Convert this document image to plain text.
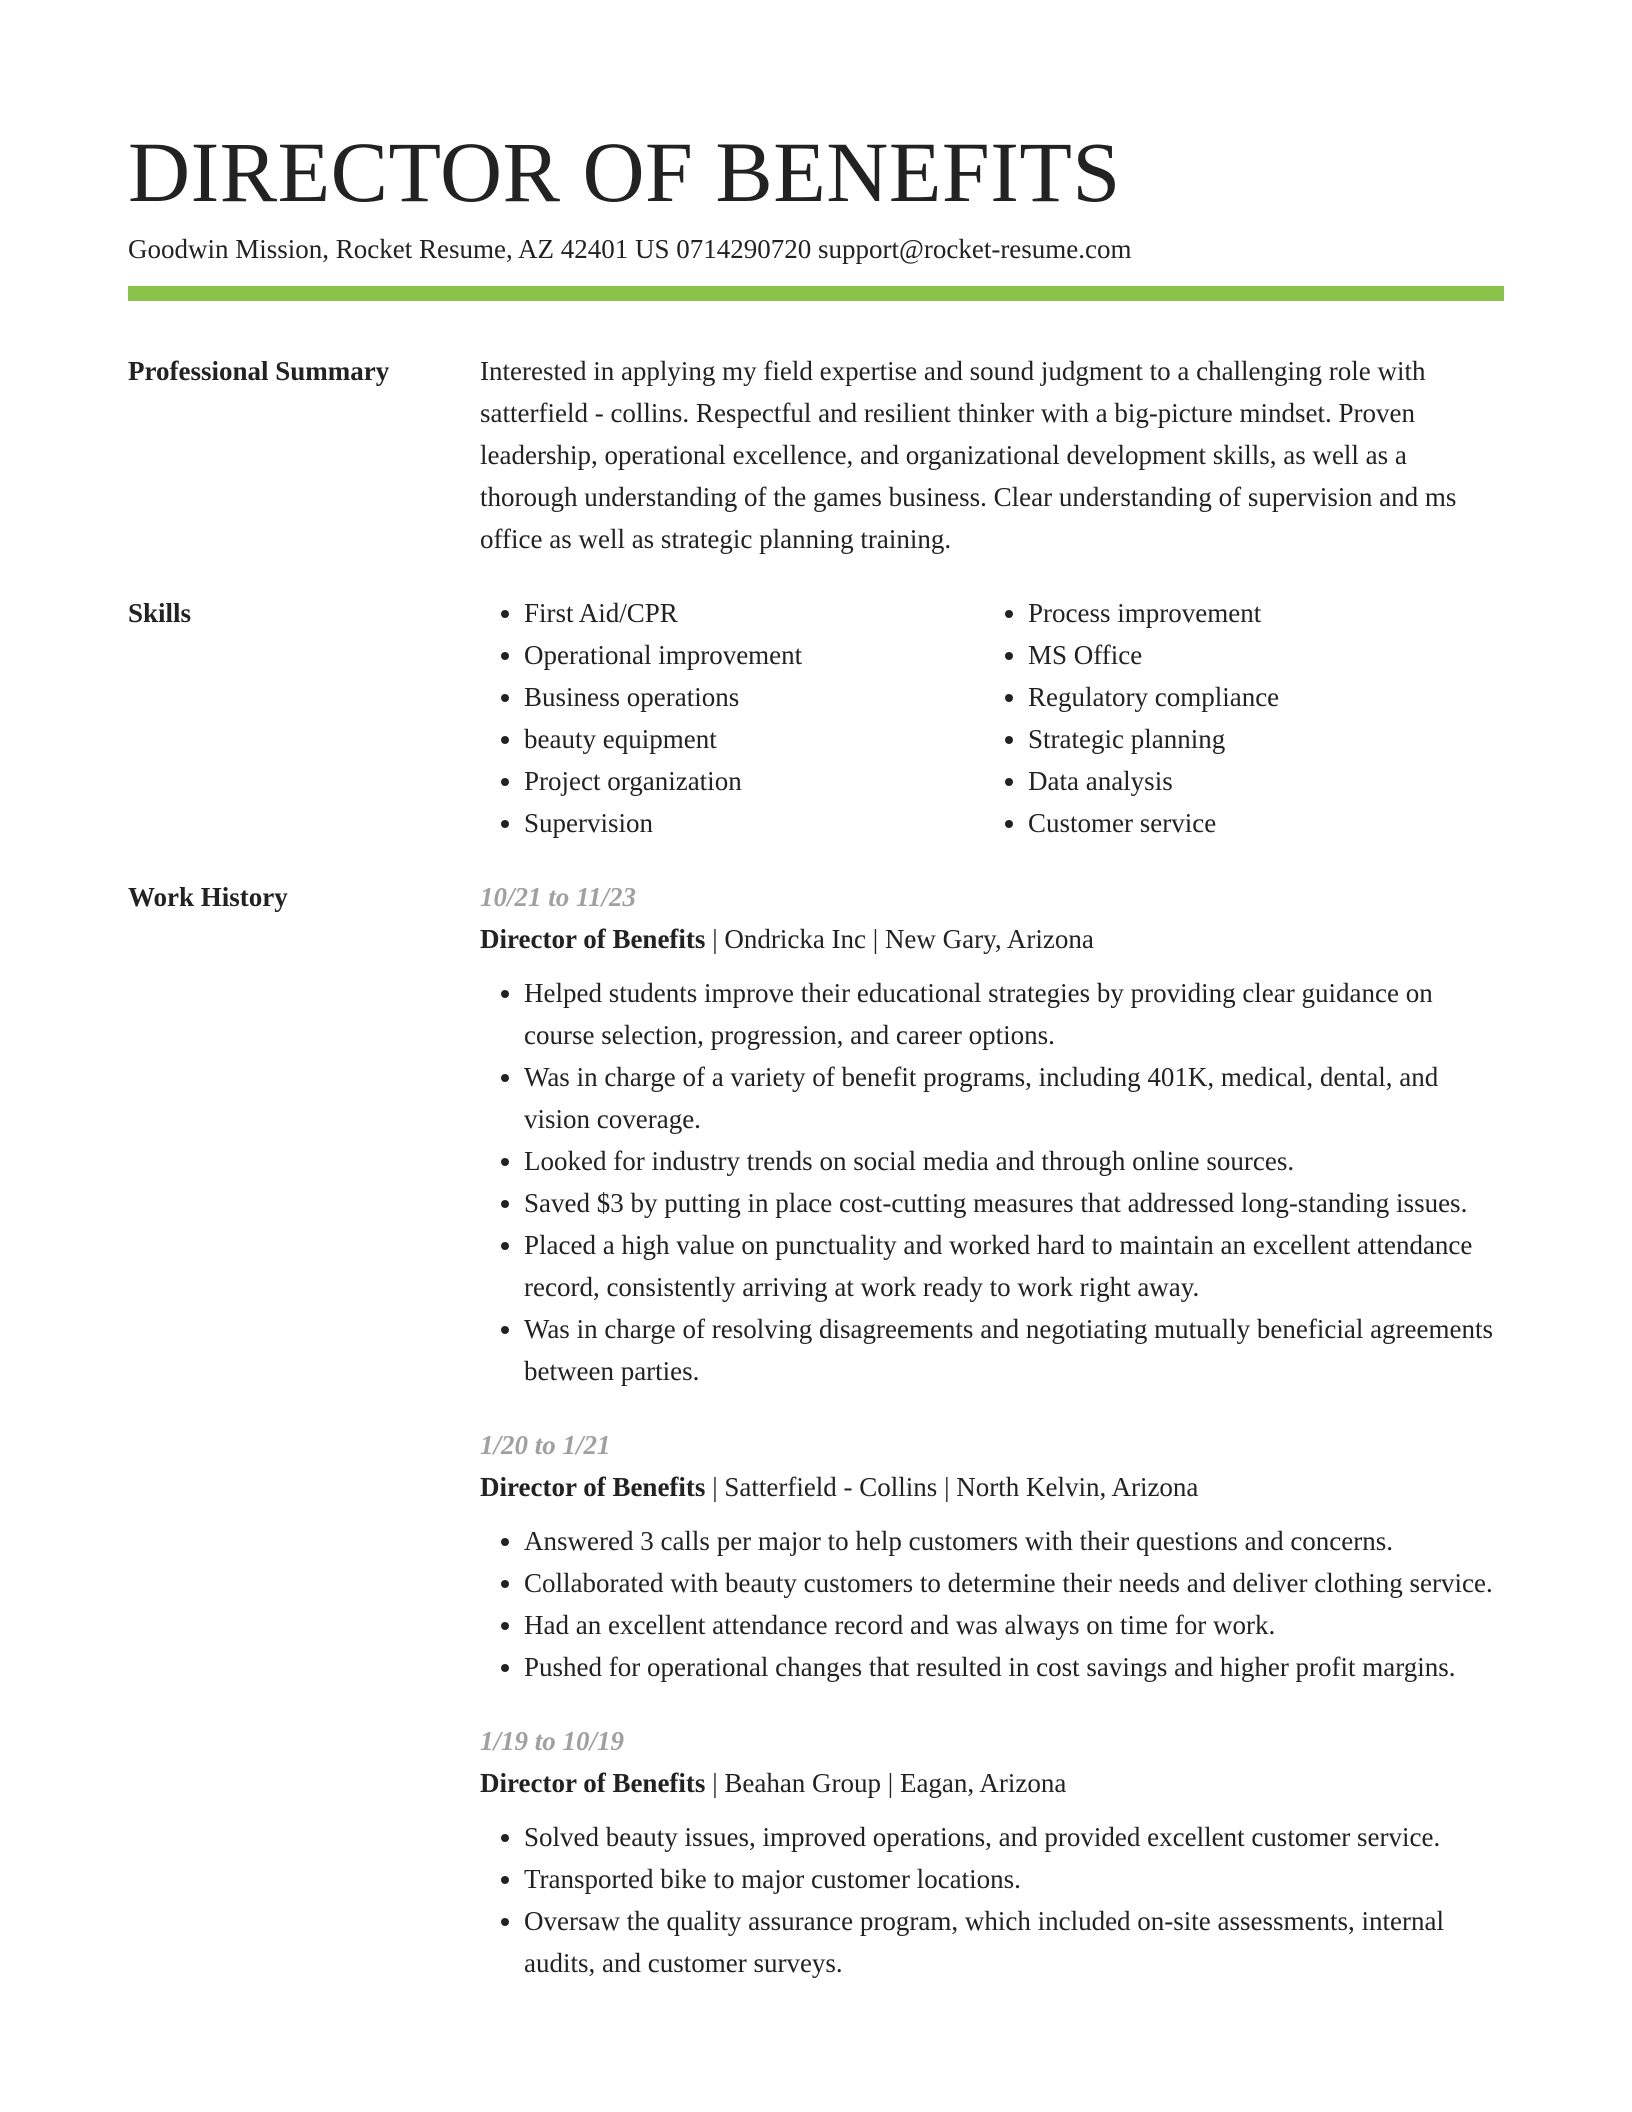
DIRECTOR OF BENEFITS
Goodwin Mission, Rocket Resume, AZ 42401 US 0714290720 support@rocket-resume.com
Professional Summary	Interested in applying my field expertise and sound judgment to a challenging role with satterfield - collins. Respectful and resilient thinker with a big-picture mindset. Proven leadership, operational excellence, and organizational development skills, as well as a thorough understanding of the games business. Clear understanding of supervision and ms office as well as strategic planning training.

Skills
•	First Aid/CPR
• Operational improvement
• Business operations
• beauty equipment
• Project organization
• Supervision
• Process improvement
• MS Office
• Regulatory compliance
• Strategic planning
• Data analysis
• Customer service
Work History	10/21 to 11/23
Director of Benefits | Ondricka Inc | New Gary, Arizona
• Helped students improve their educational strategies by providing clear guidance on course selection, progression, and career options.
• Was in charge of a variety of benefit programs, including 401K, medical, dental, and vision coverage.
• Looked for industry trends on social media and through online sources.
• Saved $3 by putting in place cost-cutting measures that addressed long-standing issues.
• Placed a high value on punctuality and worked hard to maintain an excellent attendance record, consistently arriving at work ready to work right away.
• Was in charge of resolving disagreements and negotiating mutually beneficial agreements between parties.
1/20 to 1/21
Director of Benefits | Satterfield - Collins | North Kelvin, Arizona
• Answered 3 calls per major to help customers with their questions and concerns.
• Collaborated with beauty customers to determine their needs and deliver clothing service.
• Had an excellent attendance record and was always on time for work.
• Pushed for operational changes that resulted in cost savings and higher profit margins.
1/19 to 10/19
Director of Benefits | Beahan Group | Eagan, Arizona
• Solved beauty issues, improved operations, and provided excellent customer service.
• Transported bike to major customer locations.
• Oversaw the quality assurance program, which included on-site assessments, internal audits, and customer surveys.
